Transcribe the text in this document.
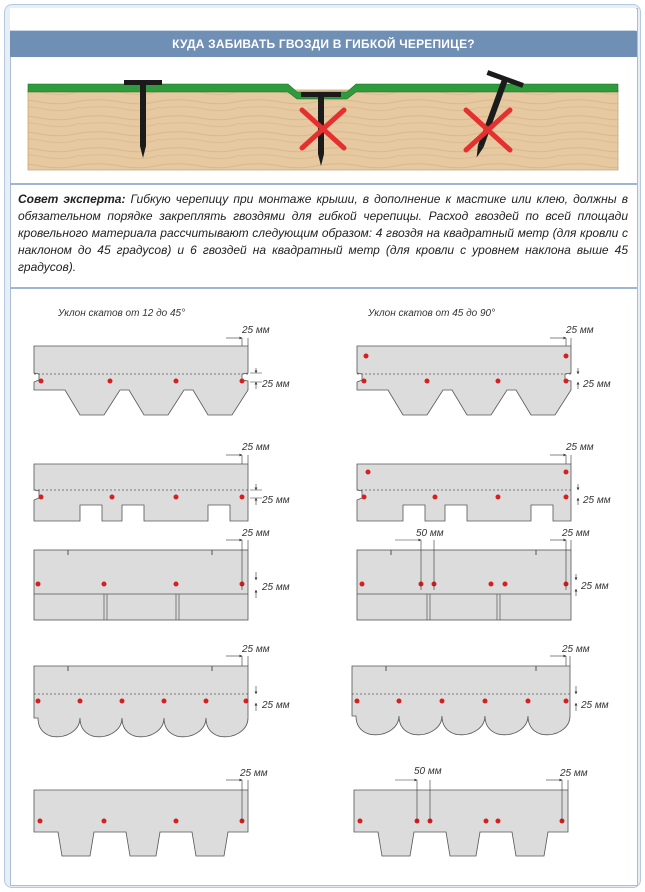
КУДА ЗАБИВАТЬ ГВОЗДИ В ГИБКОЙ ЧЕРЕПИЦЕ?
Совет эксперта: Гибкую черепицу при монтаже крыши, в дополнение к мастике или клею, должны в обязательном порядке закреплять гвоздями для гибкой черепицы. Расход гвоздей по всей площади кровельного материала рассчитывают следующим образом: 4 гвоздя на квадратный метр (для кровли с наклоном до 45 градусов) и 6 гвоздей на квадратный метр (для кровли с уровнем наклона выше 45 градусов).
Уклон скатов от 12 до 45°	Уклон скатов от 45 до 90°
25 мм
25 мм
25 мм
25 мм
25 мм
25 мм
25 мм
25 мм
25 мм
25 мм
25 мм
25 мм
25 мм
50 мм	25 мм
25 мм
25 мм
25 мм
50 мм	25 мм
